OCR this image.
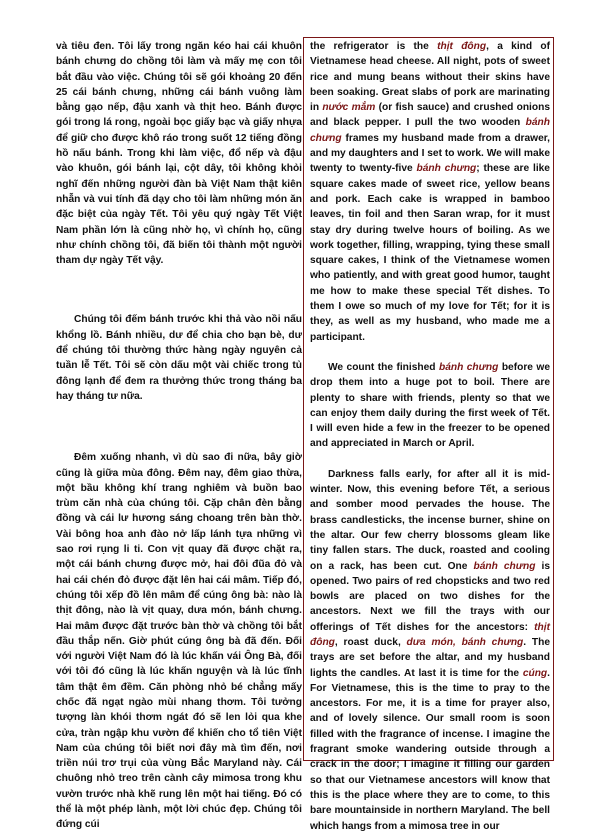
và tiêu đen. Tôi lấy trong ngăn kéo hai cái khuôn bánh chưng do chồng tôi làm và mấy mẹ con tôi bắt đầu vào việc. Chúng tôi sẽ gói khoảng 20 đến 25 cái bánh chưng, những cái bánh vuông làm bằng gạo nếp, đậu xanh và thịt heo. Bánh được gói trong lá rong, ngoài bọc giấy bạc và giấy nhựa để giữ cho được khô ráo trong suốt 12 tiếng đồng hồ nấu bánh. Trong khi làm việc, đổ nếp và đậu vào khuôn, gói bánh lại, cột dây, tôi không khỏi nghĩ đến những người đàn bà Việt Nam thật kiên nhẫn và vui tính đã dạy cho tôi làm những món ăn đặc biệt của ngày Tết. Tôi yêu quý ngày Tết Việt Nam phần lớn là cũng nhờ họ, vì chính họ, cũng như chính chồng tôi, đã biến tôi thành một người tham dự ngày Tết vậy.

Chúng tôi đếm bánh trước khi thả vào nồi nấu khổng lồ. Bánh nhiều, dư để chia cho bạn bè, dư để chúng tôi thường thức hàng ngày nguyên cả tuần lễ Tết. Tôi sẽ còn dấu một vài chiếc trong tủ đông lạnh để đem ra thưởng thức trong tháng ba hay tháng tư nữa.

Đêm xuống nhanh, vì dù sao đi nữa, bây giờ cũng là giữa mùa đông. Đêm nay, đêm giao thừa, một bầu không khí trang nghiêm và buồn bao trùm căn nhà của chúng tôi. Cặp chân đèn bằng đồng và cái lư hương sáng choang trên bàn thờ. Vài bông hoa anh đào nở lấp lánh tựa những vì sao rơi rụng li ti. Con vịt quay đã được chặt ra, một cái bánh chưng được mở, hai đôi đũa đỏ và hai cái chén đỏ được đặt lên hai cái mâm. Tiếp đó, chúng tôi xếp đồ lên mâm để cúng ông bà: nào là thịt đông, nào là vịt quay, dưa món, bánh chưng. Hai mâm được đặt trước bàn thờ và chồng tôi bắt đầu thắp nến. Giờ phút cúng ông bà đã đến. Đối với người Việt Nam đó là lúc khấn vái Ông Bà, đối với tôi đó cũng là lúc khấn nguyện và là lúc tĩnh tâm thật êm đềm. Căn phòng nhỏ bé chẳng mấy chốc đã ngạt ngào mùi nhang thơm. Tôi tưởng tượng làn khói thơm ngát đó sẽ len lỏi qua khe cửa, tràn ngập khu vườn để khiến cho tổ tiên Việt Nam của chúng tôi biết nơi đây mà tìm đến, nơi triền núi trơ trụi của vùng Bắc Maryland này. Cái chuông nhỏ treo trên cành cây mimosa trong khu vườn trước nhà khẽ rung lên một hai tiếng. Đó có thể là một phép lành, một lời chúc đẹp. Chúng tôi đứng cúi

the refrigerator is the thịt đông, a kind of Vietnamese head cheese. All night, pots of sweet rice and mung beans without their skins have been soaking. Great slabs of pork are marinating in nước mắm (or fish sauce) and crushed onions and black pepper. I pull the two wooden bánh chưng frames my husband made from a drawer, and my daughters and I set to work. We will make twenty to twenty-five bánh chưng; these are like square cakes made of sweet rice, yellow beans and pork. Each cake is wrapped in bamboo leaves, tin foil and then Saran wrap, for it must stay dry during twelve hours of boiling. As we work together, filling, wrapping, tying these small square cakes, I think of the Vietnamese women who patiently, and with great good humor, taught me how to make these special Tết dishes. To them I owe so much of my love for Tết; for it is they, as well as my husband, who made me a participant.

We count the finished bánh chưng before we drop them into a huge pot to boil. There are plenty to share with friends, plenty so that we can enjoy them daily during the first week of Tết. I will even hide a few in the freezer to be opened and appreciated in March or April.

Darkness falls early, for after all it is mid-winter. Now, this evening before Tết, a serious and somber mood pervades the house. The brass candlesticks, the incense burner, shine on the altar. Our few cherry blossoms gleam like tiny fallen stars. The duck, roasted and cooling on a rack, has been cut. One bánh chưng is opened. Two pairs of red chopsticks and two red bowls are placed on two dishes for the ancestors. Next we fill the trays with our offerings of Tết dishes for the ancestors: thịt đông, roast duck, dưa món, bánh chưng. The trays are set before the altar, and my husband lights the candles. At last it is time for the cúng. For Vietnamese, this is the time to pray to the ancestors. For me, it is a time for prayer also, and of lovely silence. Our small room is soon filled with the fragrance of incense. I imagine the fragrant smoke wandering outside through a crack in the door; I imagine it filling our garden so that our Vietnamese ancestors will know that this is the place where they are to come, to this bare mountainside in northern Maryland. The bell which hangs from a mimosa tree in our
